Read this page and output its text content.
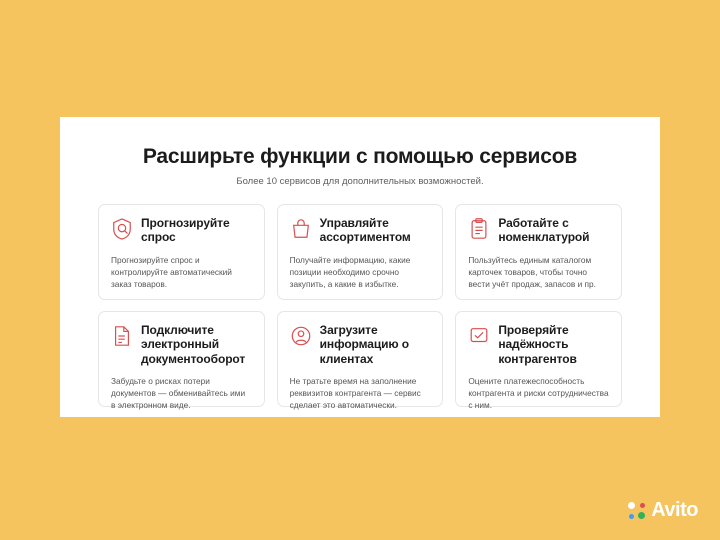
Расширьте функции с помощью сервисов
Более 10 сервисов для дополнительных возможностей.
Прогнозируйте спрос
Прогнозируйте спрос и контролируйте автоматический заказ товаров.
Управляйте ассортиментом
Получайте информацию, какие позиции необходимо срочно закупить, а какие в избытке.
Работайте с номенклатурой
Пользуйтесь единым каталогом карточек товаров, чтобы точно вести учёт продаж, запасов и пр.
Подключите электронный документооборот
Забудьте о рисках потери документов — обменивайтесь ими в электронном виде.
Загрузите информацию о клиентах
Не тратьте время на заполнение реквизитов контрагента — сервис сделает это автоматически.
Проверяйте надёжность контрагентов
Оцените платежеспособность контрагента и риски сотрудничества с ним.
Avito
